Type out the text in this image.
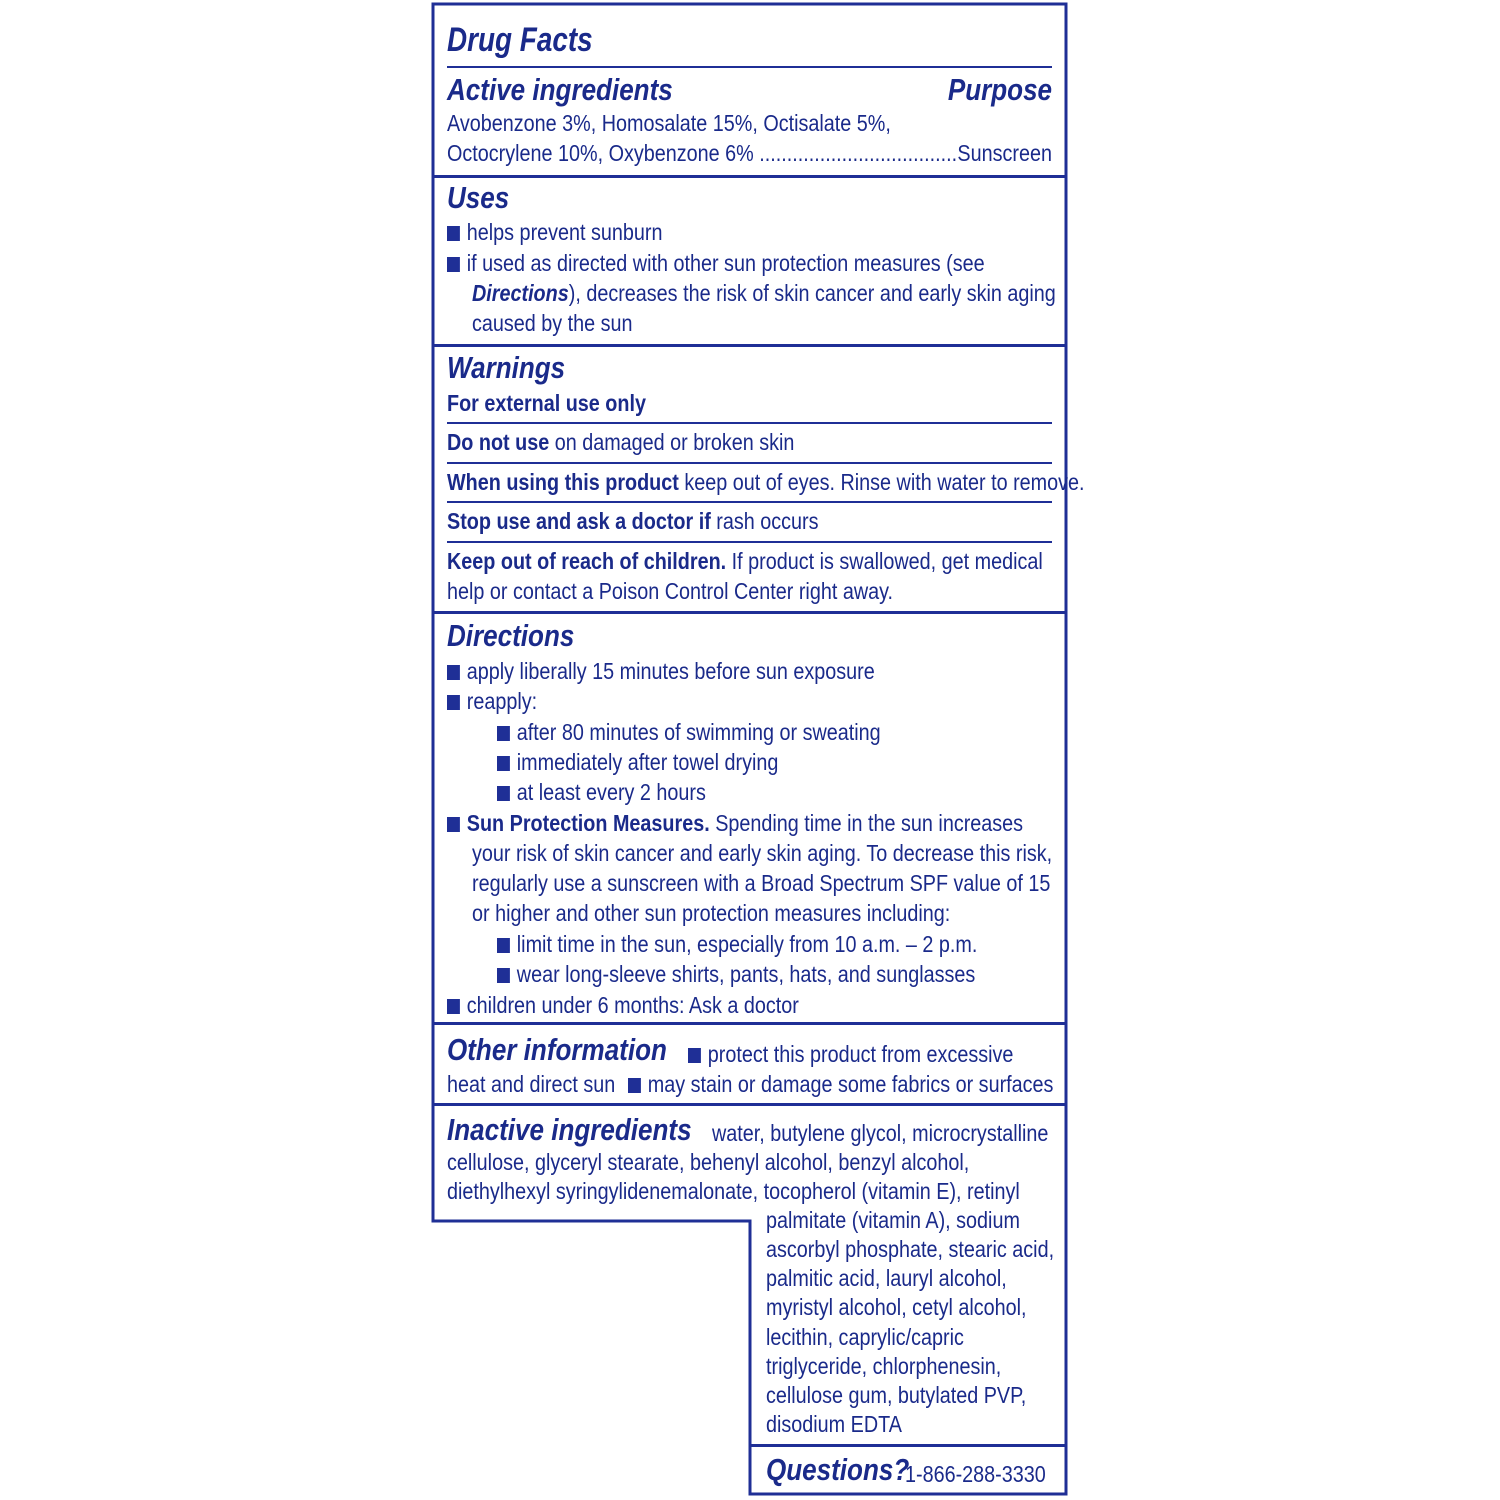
Drug Facts
Active ingredients	Purpose
Avobenzone 3%, Homosalate 15%, Octisalate 5%,
Octocrylene 10%, Oxybenzone 6% .................................... Sunscreen
Uses
helps prevent sunburn
if used as directed with other sun protection measures (see
Directions), decreases the risk of skin cancer and early skin aging
caused by the sun
Warnings
For external use only
Do not use on damaged or broken skin
When using this product keep out of eyes. Rinse with water to remove.
Stop use and ask a doctor if rash occurs
Keep out of reach of children. If product is swallowed, get medical
help or contact a Poison Control Center right away.
Directions
apply liberally 15 minutes before sun exposure
reapply:
after 80 minutes of swimming or sweating
immediately after towel drying
at least every 2 hours
Sun Protection Measures. Spending time in the sun increases
your risk of skin cancer and early skin aging. To decrease this risk,
regularly use a sunscreen with a Broad Spectrum SPF value of 15
or higher and other sun protection measures including:
limit time in the sun, especially from 10 a.m. – 2 p.m.
wear long-sleeve shirts, pants, hats, and sunglasses
children under 6 months: Ask a doctor
Other information	protect this product from excessive
heat and direct sun	may stain or damage some fabrics or surfaces
Inactive ingredients water, butylene glycol, microcrystalline
cellulose, glyceryl stearate, behenyl alcohol, benzyl alcohol,
diethylhexyl syringylidenemalonate, tocopherol (vitamin E), retinyl
palmitate (vitamin A), sodium
ascorbyl phosphate, stearic acid,
palmitic acid, lauryl alcohol,
myristyl alcohol, cetyl alcohol,
lecithin, caprylic/capric
triglyceride, chlorphenesin,
cellulose gum, butylated PVP,
disodium EDTA
Questions?
1-866-288-3330
